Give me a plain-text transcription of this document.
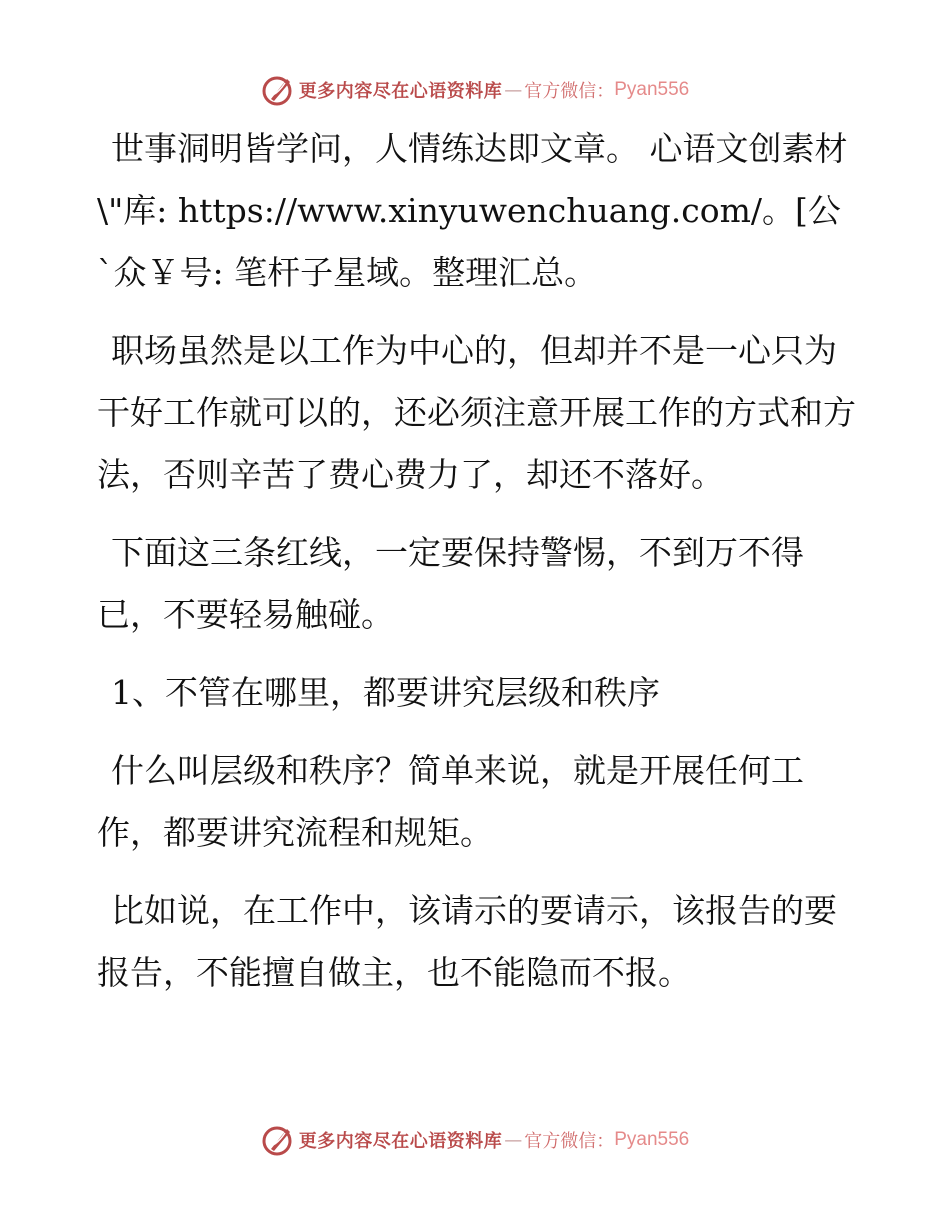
更多内容尽在心语资料库 — 官方微信： Pyan556

世事洞明皆学问，人情练达即文章。 心语文创素材\"库: https://www.xinyuwenchuang.com/。[公`众￥号: 笔杆子星域。整理汇总。

职场虽然是以工作为中心的，但却并不是一心只为干好工作就可以的，还必须注意开展工作的方式和方法，否则辛苦了费心费力了，却还不落好。

下面这三条红线，一定要保持警惕，不到万不得已，不要轻易触碰。

1、不管在哪里，都要讲究层级和秩序

什么叫层级和秩序？简单来说，就是开展任何工作，都要讲究流程和规矩。

比如说，在工作中，该请示的要请示，该报告的要报告，不能擅自做主，也不能隐而不报。

更多内容尽在心语资料库 — 官方微信： Pyan556
